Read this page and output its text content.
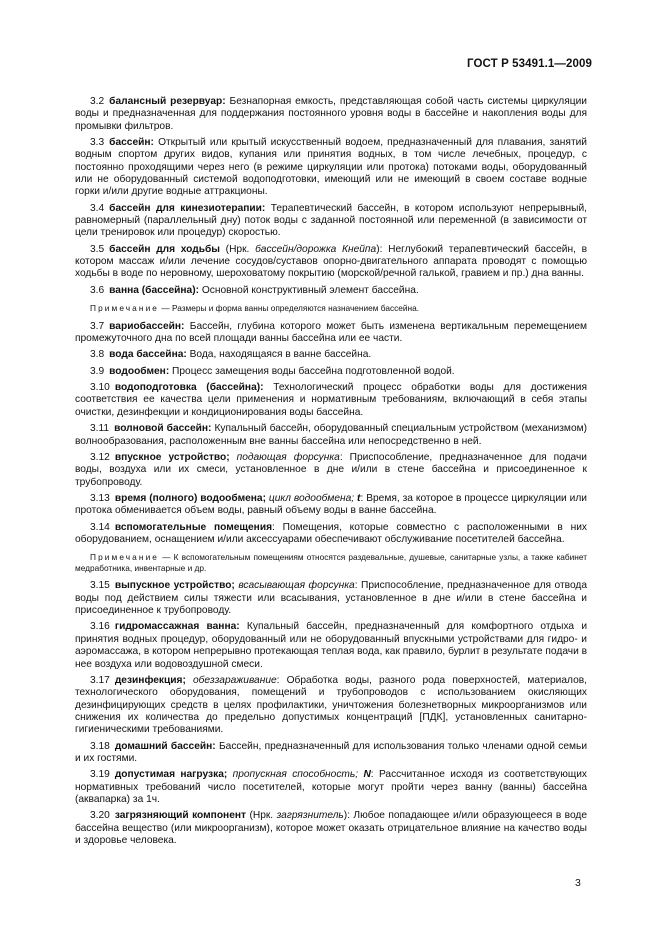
ГОСТ Р 53491.1—2009

3.2 балансный резервуар: Безнапорная емкость, представляющая собой часть системы циркуляции воды и предназначенная для поддержания постоянного уровня воды в бассейне и накопления воды для промывки фильтров.

3.3 бассейн: Открытый или крытый искусственный водоем, предназначенный для плавания, занятий водным спортом других видов, купания или принятия водных, в том числе лечебных, процедур, с постоянно проходящими через него (в режиме циркуляции или протока) потоками воды, оборудованный или не оборудованный системой водоподготовки, имеющий или не имеющий в своем составе водные горки и/или другие водные аттракционы.

3.4 бассейн для кинезиотерапии: Терапевтический бассейн, в котором используют непрерывный, равномерный (параллельный дну) поток воды с заданной постоянной или переменной (в зависимости от цели тренировок или процедур) скоростью.

3.5 бассейн для ходьбы (Нрк. бассейн/дорожка Кнейпа): Неглубокий терапевтический бассейн, в котором массаж и/или лечение сосудов/суставов опорно-двигательного аппарата проводят с помощью ходьбы в воде по неровному, шероховатому покрытию (морской/речной галькой, гравием и пр.) дна ванны.

3.6 ванна (бассейна): Основной конструктивный элемент бассейна.

Примечание — Размеры и форма ванны определяются назначением бассейна.

3.7 вариобассейн: Бассейн, глубина которого может быть изменена вертикальным перемещением промежуточного дна по всей площади ванны бассейна или ее части.

3.8 вода бассейна: Вода, находящаяся в ванне бассейна.

3.9 водообмен: Процесс замещения воды бассейна подготовленной водой.

3.10 водоподготовка (бассейна): Технологический процесс обработки воды для достижения соответствия ее качества цели применения и нормативным требованиям, включающий в себя этапы очистки, дезинфекции и кондиционирования воды бассейна.

3.11 волновой бассейн: Купальный бассейн, оборудованный специальным устройством (механизмом) волнообразования, расположенным вне ванны бассейна или непосредственно в ней.

3.12 впускное устройство; подающая форсунка: Приспособление, предназначенное для подачи воды, воздуха или их смеси, установленное в дне и/или в стене бассейна и присоединенное к трубопроводу.

3.13 время (полного) водообмена; цикл водообмена; t: Время, за которое в процессе циркуляции или протока обменивается объем воды, равный объему воды в ванне бассейна.

3.14 вспомогательные помещения: Помещения, которые совместно с расположенными в них оборудованием, оснащением и/или аксессуарами обеспечивают обслуживание посетителей бассейна.

Примечание — К вспомогательным помещениям относятся раздевальные, душевые, санитарные узлы, а также кабинет медработника, инвентарные и др.

3.15 выпускное устройство; всасывающая форсунка: Приспособление, предназначенное для отвода воды под действием силы тяжести или всасывания, установленное в дне и/или в стене бассейна и присоединенное к трубопроводу.

3.16 гидромассажная ванна: Купальный бассейн, предназначенный для комфортного отдыха и принятия водных процедур, оборудованный или не оборудованный впускными устройствами для гидро- и аэромассажа, в котором непрерывно протекающая теплая вода, как правило, бурлит в результате подачи в нее воздуха или водовоздушной смеси.

3.17 дезинфекция; обеззараживание: Обработка воды, разного рода поверхностей, материалов, технологического оборудования, помещений и трубопроводов с использованием окисляющих дезинфицирующих средств в целях профилактики, уничтожения болезнетворных микроорганизмов или снижения их количества до предельно допустимых концентраций [ПДК], установленных санитарно-гигиеническими требованиями.

3.18 домашний бассейн: Бассейн, предназначенный для использования только членами одной семьи и их гостями.

3.19 допустимая нагрузка; пропускная способность; N: Рассчитанное исходя из соответствующих нормативных требований число посетителей, которые могут пройти через ванну (ванны) бассейна (аквапарка) за 1ч.

3.20 загрязняющий компонент (Нрк. загрязнитель): Любое попадающее и/или образующееся в воде бассейна вещество (или микроорганизм), которое может оказать отрицательное влияние на качество воды и здоровье человека.

3
